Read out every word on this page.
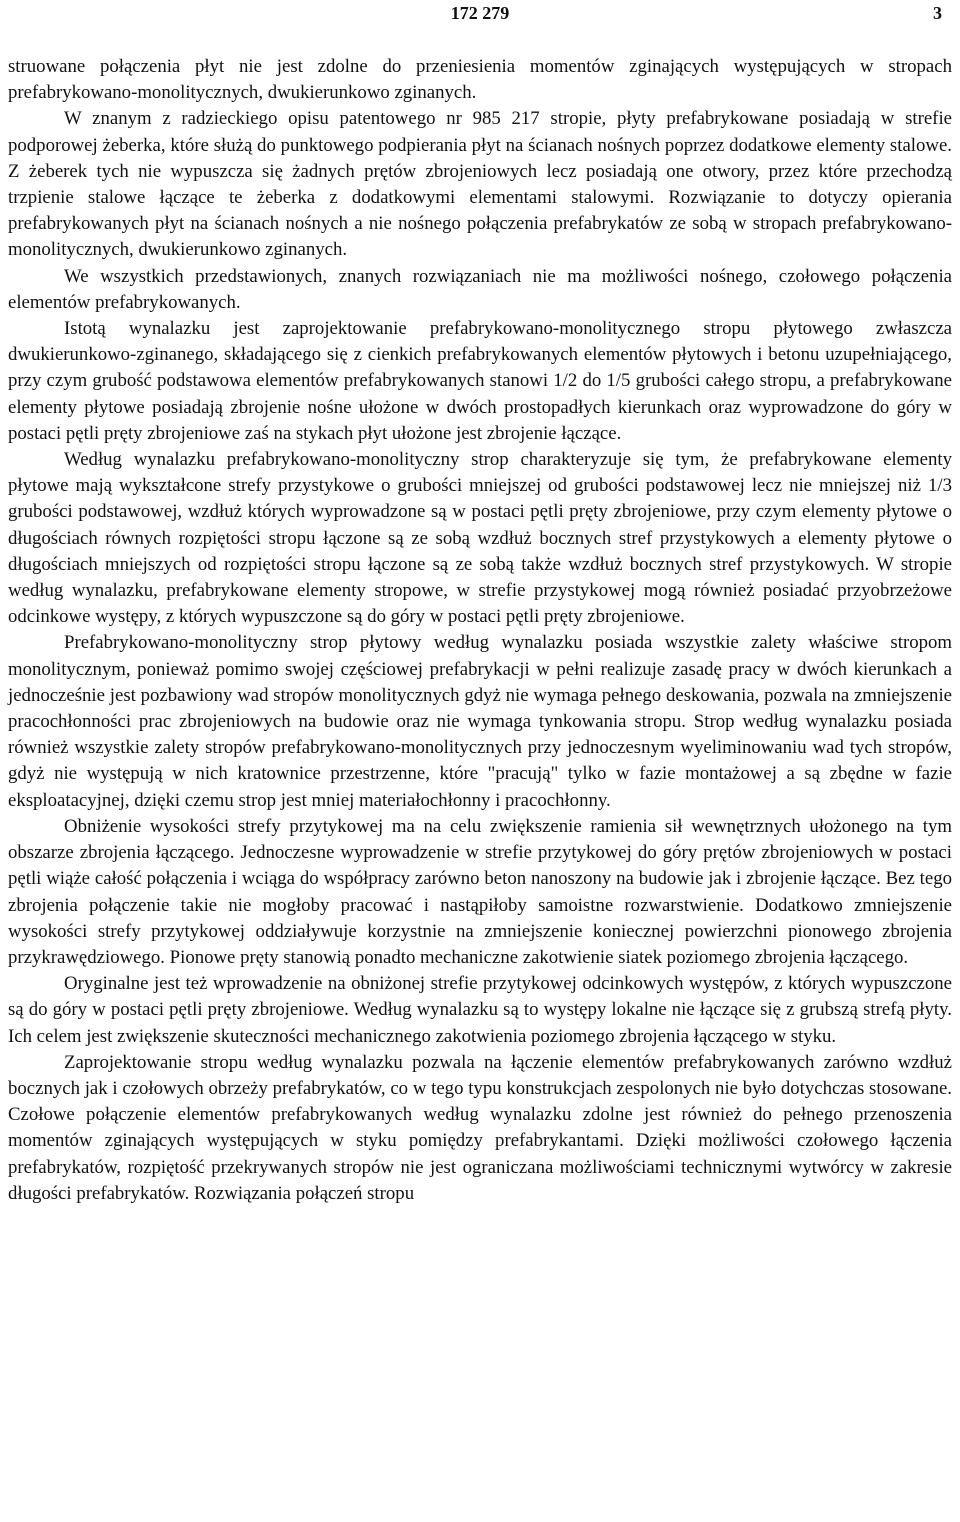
172 279	3

struowane połączenia płyt nie jest zdolne do przeniesienia momentów zginających występujących w stropach prefabrykowano-monolitycznych, dwukierunkowo zginanych.

W znanym z radzieckiego opisu patentowego nr 985 217 stropie, płyty prefabrykowane posiadają w strefie podporowej żeberka, które służą do punktowego podpierania płyt na ścianach nośnych poprzez dodatkowe elementy stalowe. Z żeberek tych nie wypuszcza się żadnych prętów zbrojeniowych lecz posiadają one otwory, przez które przechodzą trzpienie stalowe łączące te żeberka z dodatkowymi elementami stalowymi. Rozwiązanie to dotyczy opierania prefabrykowanych płyt na ścianach nośnych a nie nośnego połączenia prefabrykatów ze sobą w stropach prefabrykowano-monolitycznych, dwukierunkowo zginanych.

We wszystkich przedstawionych, znanych rozwiązaniach nie ma możliwości nośnego, czołowego połączenia elementów prefabrykowanych.

Istotą wynalazku jest zaprojektowanie prefabrykowano-monolitycznego stropu płytowego zwłaszcza dwukierunkowo-zginanego, składającego się z cienkich prefabrykowanych elementów płytowych i betonu uzupełniającego, przy czym grubość podstawowa elementów prefabrykowanych stanowi 1/2 do 1/5 grubości całego stropu, a prefabrykowane elementy płytowe posiadają zbrojenie nośne ułożone w dwóch prostopadłych kierunkach oraz wyprowadzone do góry w postaci pętli pręty zbrojeniowe zaś na stykach płyt ułożone jest zbrojenie łączące.

Według wynalazku prefabrykowano-monolityczny strop charakteryzuje się tym, że prefabrykowane elementy płytowe mają wykształcone strefy przystykowe o grubości mniejszej od grubości podstawowej lecz nie mniejszej niż 1/3 grubości podstawowej, wzdłuż których wyprowadzone są w postaci pętli pręty zbrojeniowe, przy czym elementy płytowe o długościach równych rozpiętości stropu łączone są ze sobą wzdłuż bocznych stref przystykowych a elementy płytowe o długościach mniejszych od rozpiętości stropu łączone są ze sobą także wzdłuż bocznych stref przystykowych. W stropie według wynalazku, prefabrykowane elementy stropowe, w strefie przystykowej mogą również posiadać przyobrzeżowe odcinkowe występy, z których wypuszczone są do góry w postaci pętli pręty zbrojeniowe.

Prefabrykowano-monolityczny strop płytowy według wynalazku posiada wszystkie zalety właściwe stropom monolitycznym, ponieważ pomimo swojej częściowej prefabrykacji w pełni realizuje zasadę pracy w dwóch kierunkach a jednocześnie jest pozbawiony wad stropów monolitycznych gdyż nie wymaga pełnego deskowania, pozwala na zmniejszenie pracochłonności prac zbrojeniowych na budowie oraz nie wymaga tynkowania stropu. Strop według wynalazku posiada również wszystkie zalety stropów prefabrykowano-monolitycznych przy jednoczesnym wyeliminowaniu wad tych stropów, gdyż nie występują w nich kratownice przestrzenne, które "pracują" tylko w fazie montażowej a są zbędne w fazie eksploatacyjnej, dzięki czemu strop jest mniej materiałochłonny i pracochłonny.

Obniżenie wysokości strefy przytykowej ma na celu zwiększenie ramienia sił wewnętrznych ułożonego na tym obszarze zbrojenia łączącego. Jednoczesne wyprowadzenie w strefie przytykowej do góry prętów zbrojeniowych w postaci pętli wiąże całość połączenia i wciąga do współpracy zarówno beton nanoszony na budowie jak i zbrojenie łączące. Bez tego zbrojenia połączenie takie nie mogłoby pracować i nastąpiłoby samoistne rozwarstwienie. Dodatkowo zmniejszenie wysokości strefy przytykowej oddziaływuje korzystnie na zmniejszenie koniecznej powierzchni pionowego zbrojenia przykrawędziowego. Pionowe pręty stanowią ponadto mechaniczne zakotwienie siatek poziomego zbrojenia łączącego.

Oryginalne jest też wprowadzenie na obniżonej strefie przytykowej odcinkowych występów, z których wypuszczone są do góry w postaci pętli pręty zbrojeniowe. Według wynalazku są to występy lokalne nie łączące się z grubszą strefą płyty. Ich celem jest zwiększenie skuteczności mechanicznego zakotwienia poziomego zbrojenia łączącego w styku.

Zaprojektowanie stropu według wynalazku pozwala na łączenie elementów prefabrykowanych zarówno wzdłuż bocznych jak i czołowych obrzeży prefabrykatów, co w tego typu konstrukcjach zespolonych nie było dotychczas stosowane. Czołowe połączenie elementów prefabrykowanych według wynalazku zdolne jest również do pełnego przenoszenia momentów zginających występujących w styku pomiędzy prefabrykantami. Dzięki możliwości czołowego łączenia prefabrykatów, rozpiętość przekrywanych stropów nie jest ograniczana możliwościami technicznymi wytwórcy w zakresie długości prefabrykatów. Rozwiązania połączeń stropu
